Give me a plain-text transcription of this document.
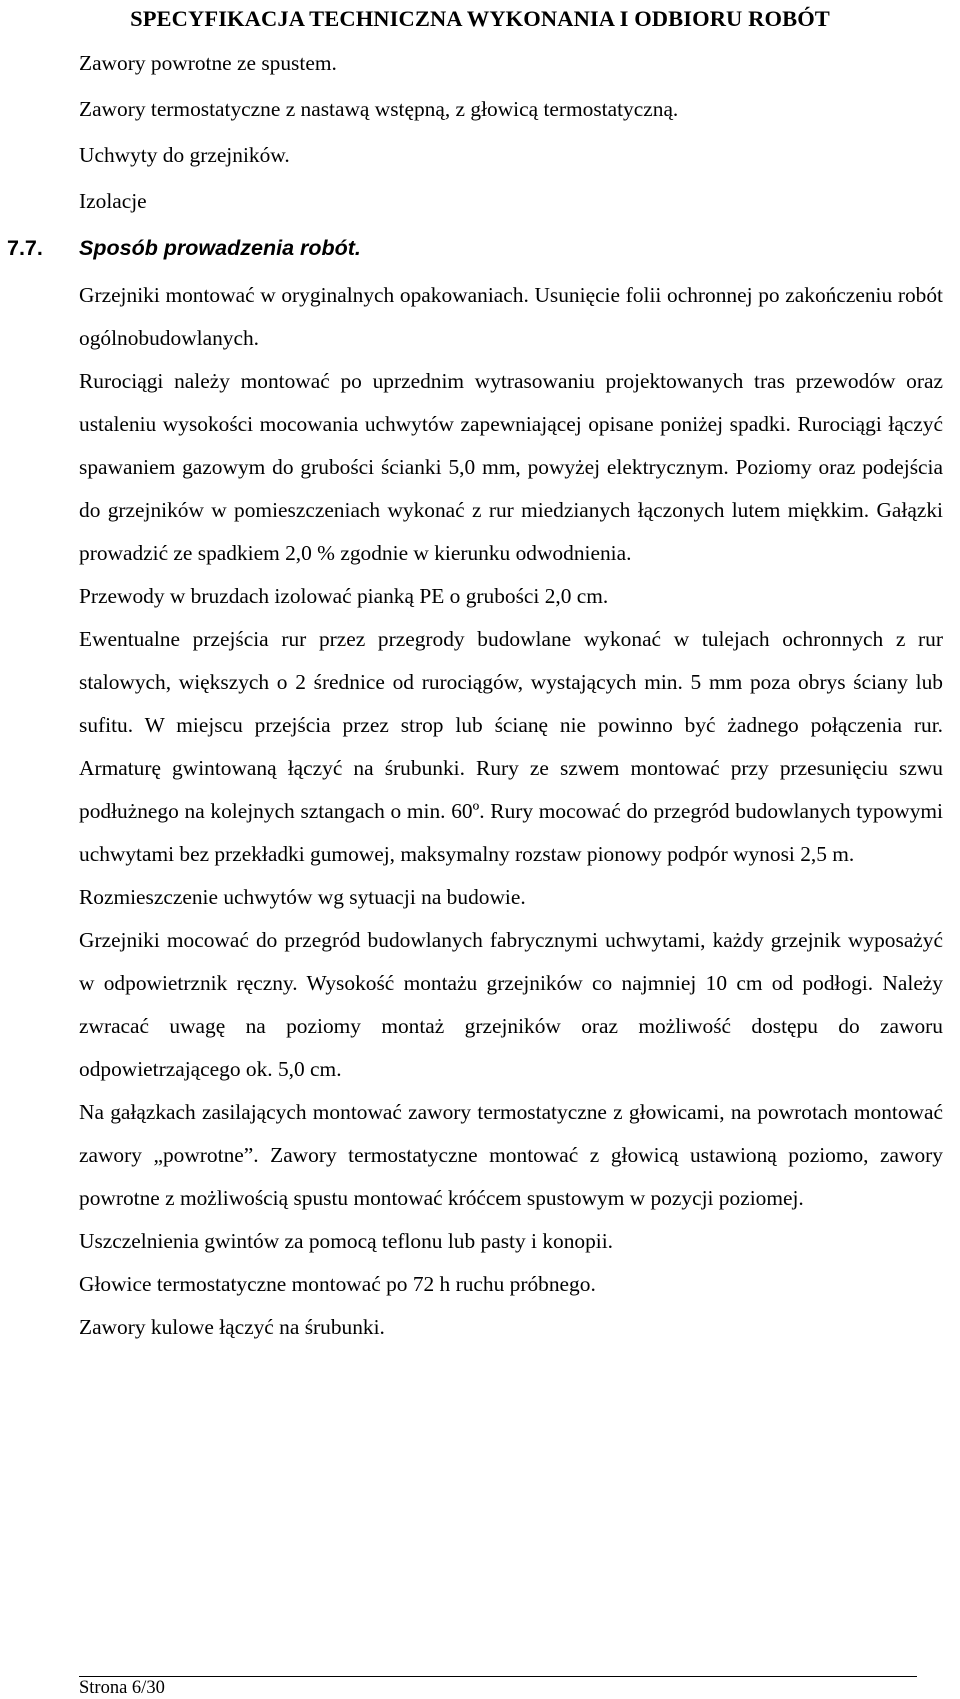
SPECYFIKACJA TECHNICZNA WYKONANIA I ODBIORU ROBÓT
Zawory powrotne ze spustem.
Zawory termostatyczne z nastawą wstępną, z głowicą termostatyczną.
Uchwyty do grzejników.
Izolacje
7.7. Sposób prowadzenia robót.

Grzejniki montować w oryginalnych opakowaniach. Usunięcie folii ochronnej po zakończeniu robót ogólnobudowlanych.

Rurociągi należy montować po uprzednim wytrasowaniu projektowanych tras przewodów oraz ustaleniu wysokości mocowania uchwytów zapewniającej opisane poniżej spadki. Rurociągi łączyć spawaniem gazowym do grubości ścianki 5,0 mm, powyżej elektrycznym. Poziomy oraz podejścia do grzejników w pomieszczeniach wykonać z rur miedzianych łączonych lutem miękkim. Gałązki prowadzić ze spadkiem 2,0 % zgodnie w kierunku odwodnienia.

Przewody w bruzdach izolować pianką PE o grubości 2,0 cm.

Ewentualne przejścia rur przez przegrody budowlane wykonać w tulejach ochronnych z rur stalowych, większych o 2 średnice od rurociągów, wystających min. 5 mm poza obrys ściany lub sufitu. W miejscu przejścia przez strop lub ścianę nie powinno być żadnego połączenia rur. Armaturę gwintowaną łączyć na śrubunki. Rury ze szwem montować przy przesunięciu szwu podłużnego na kolejnych sztangach o min. 60º. Rury mocować do przegród budowlanych typowymi uchwytami bez przekładki gumowej, maksymalny rozstaw pionowy podpór wynosi 2,5 m.

Rozmieszczenie uchwytów wg sytuacji na budowie.

Grzejniki mocować do przegród budowlanych fabrycznymi uchwytami, każdy grzejnik wyposażyć w odpowietrznik ręczny. Wysokość montażu grzejników co najmniej 10 cm od podłogi. Należy zwracać uwagę na poziomy montaż grzejników oraz możliwość dostępu do zaworu odpowietrzającego ok. 5,0 cm.

Na gałązkach zasilających montować zawory termostatyczne z głowicami, na powrotach montować zawory „powrotne”. Zawory termostatyczne montować z głowicą ustawioną poziomo, zawory powrotne z możliwością spustu montować króćcem spustowym w pozycji poziomej.

Uszczelnienia gwintów za pomocą teflonu lub pasty i konopii.

Głowice termostatyczne montować po 72 h ruchu próbnego.

Zawory kulowe łączyć na śrubunki.

Strona 6/30
